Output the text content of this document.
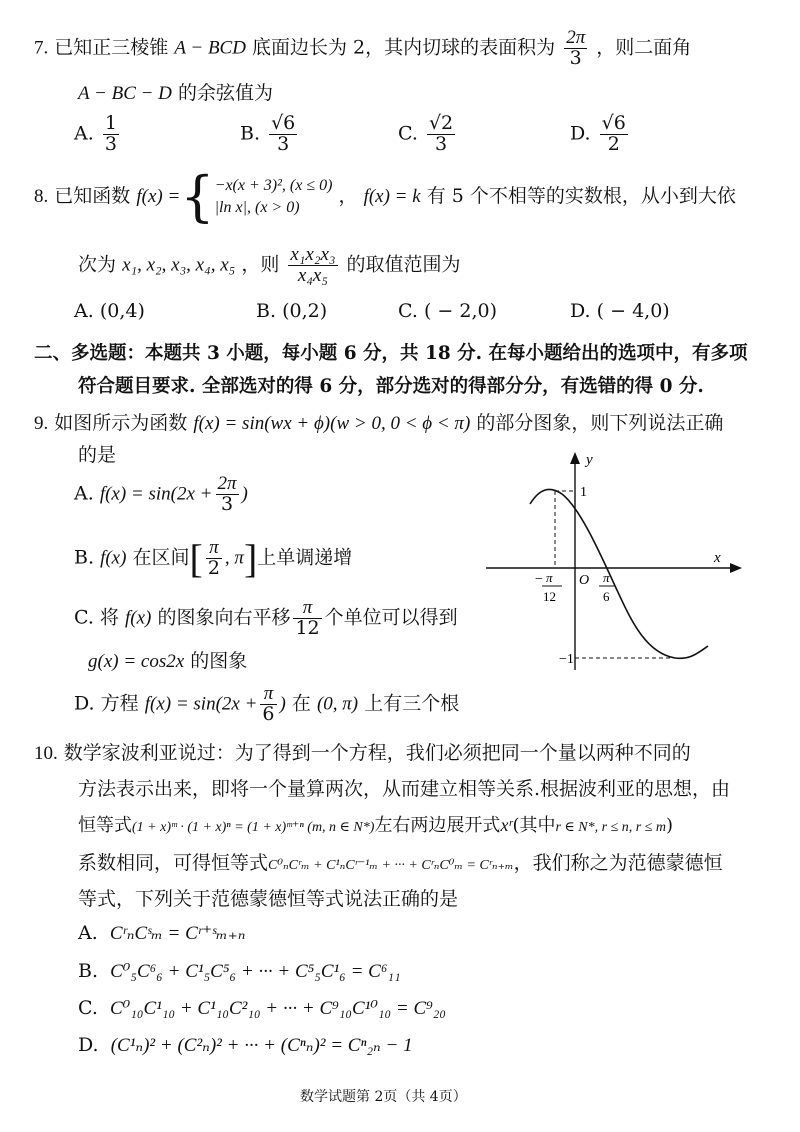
7. 已知正三棱锥 A − BCD 底面边长为 2，其内切球的表面积为 $\frac{2\pi}{3}$ ，则二面角
A − BC − D 的余弦值为
A. $\frac{1}{3}$	B. $\frac{√6}{3}$	C. $\frac{√2}{3}$	D. $\frac{√6}{2}$
8. 已知函数 f(x) ={ −x(x + 3)², (x ≤ 0)
|ln x|, (x > 0)
， f(x) = k 有 5 个不相等的实数根，从小到大依
次为 x₁, x₂, x₃, x₄, x₅ ，则 $\frac{\text{x₁x₂x₃}}{\text{x₄x₅}}$ 的取值范围为
A. (0,4)	B. (0,2)	C. ( − 2,0)	D. ( − 4,0)
二、多选题：本题共 3 小题，每小题 6 分，共 18 分. 在每小题给出的选项中，有多项
符合题目要求. 全部选对的得 6 分，部分选对的得部分分，有选错的得 0 分.
9. 如图所示为函数 f(x) = sin(wx + ϕ)(w > 0, 0 < ϕ < π) 的部分图象，则下列说法正确
的是
A. $f(x) = \sin(2x + \frac{2\pi}{3}$ )
B. f(x) 在区间[ $\frac{\pi}{2}$ , π]上单调递增
C. 将 f(x) 的图象向右平移 $\frac{\pi}{12}$ 个单位可以得到
g(x) = cos2x 的图象
D. 方程 $f(x) = \sin(2x + \frac{\pi}{6}$ ) 在 (0, π) 上有三个根
y
x
O
1
−1
− π
12
π
6
10. 数学家波利亚说过：为了得到一个方程，我们必须把同一个量以两种不同的
方法表示出来，即将一个量算两次，从而建立相等关系.根据波利亚的思想，由
恒等式(1 + x)ᵐ · (1 + x)ⁿ = (1 + x)ᵐ⁺ⁿ (m, n ∈ N*)左右两边展开式xʳ(其中r ∈ N*, r ≤ n, r ≤ m)
系数相同，可得恒等式C⁰ₙCʳₘ + C¹ₙCʳ⁻¹ₘ + ··· + CʳₙC⁰ₘ = Cʳₙ₊ₘ，我们称之为范德蒙德恒
等式，下列关于范德蒙德恒等式说法正确的是
A. CʳₙCˢₘ = Cʳ⁺ˢₘ₊ₙ
B. C⁰₅C⁶₆ + C¹₅C⁵₆ + ··· + C⁵₅C¹₆ = C⁶₁₁
C. C⁰₁₀C¹₁₀ + C¹₁₀C²₁₀ + ··· + C⁹₁₀C¹⁰₁₀ = C⁹₂₀
D. (C¹ₙ)² + (C²ₙ)² + ··· + (Cⁿₙ)² = Cⁿ₂ₙ − 1
数学试题第 2页（共 4页）
